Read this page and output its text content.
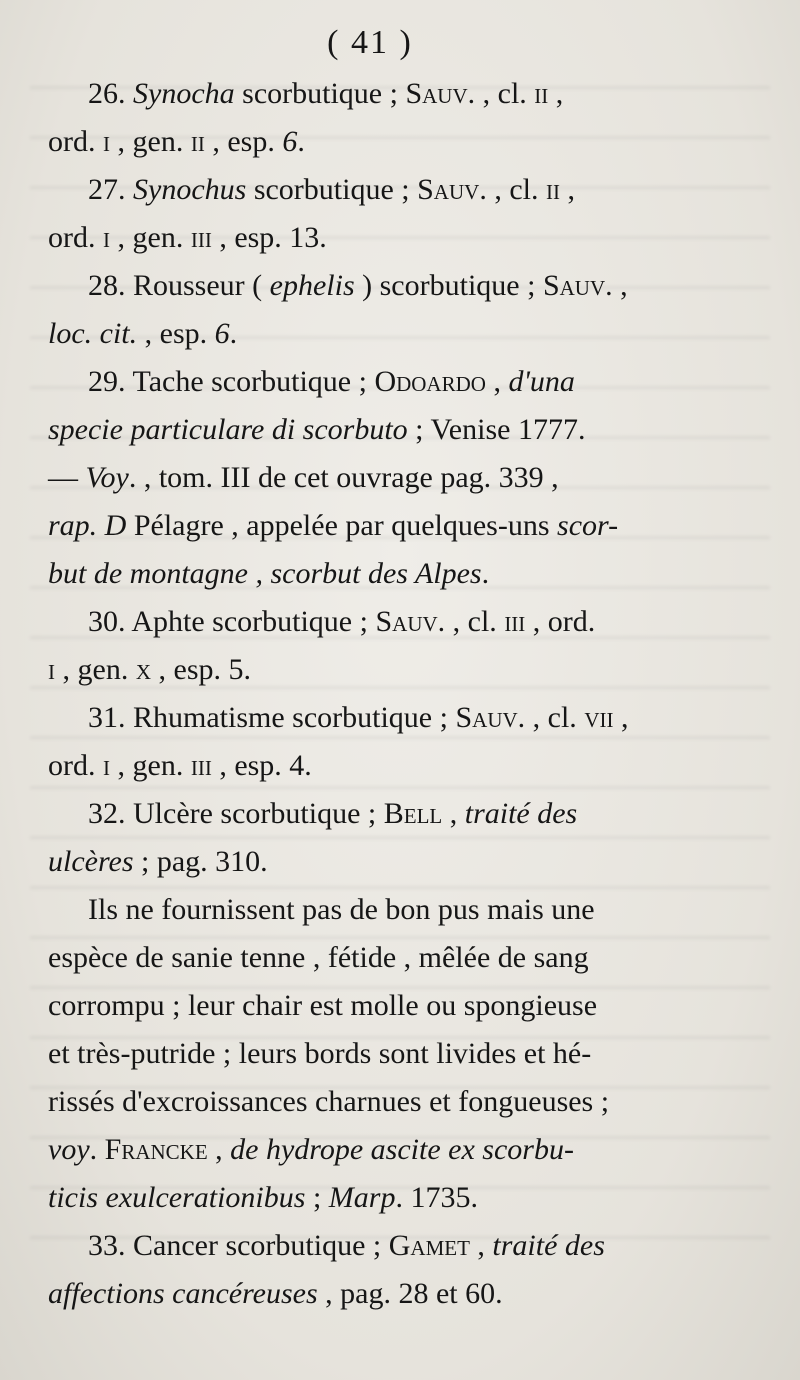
( 41 )
26. Synocha scorbutique ; Sauv. , cl. ii ,
ord. i , gen. ii , esp. 6.
27. Synochus scorbutique ; Sauv. , cl. ii ,
ord. i , gen. iii , esp. 13.
28. Rousseur ( ephelis ) scorbutique ; Sauv. ,
loc. cit. , esp. 6.
29. Tache scorbutique ; Odoardo , d'una
specie particulare di scorbuto ; Venise 1777.
— Voy. , tom. III de cet ouvrage pag. 339 ,
rap. D Pélagre , appelée par quelques-uns scor-
but de montagne , scorbut des Alpes.
30. Aphte scorbutique ; Sauv. , cl. iii , ord.
i , gen. x , esp. 5.
31. Rhumatisme scorbutique ; Sauv. , cl. vii ,
ord. i , gen. iii , esp. 4.
32. Ulcère scorbutique ; Bell , traité des
ulcères ; pag. 310.
Ils ne fournissent pas de bon pus mais une
espèce de sanie tenne , fétide , mêlée de sang
corrompu ; leur chair est molle ou spongieuse
et très-putride ; leurs bords sont livides et hé-
rissés d'excroissances charnues et fongueuses ;
voy. Francke , de hydrope ascite ex scorbu-
ticis exulcerationibus ; Marp. 1735.
33. Cancer scorbutique ; Gamet , traité des
affections cancéreuses , pag. 28 et 60.
